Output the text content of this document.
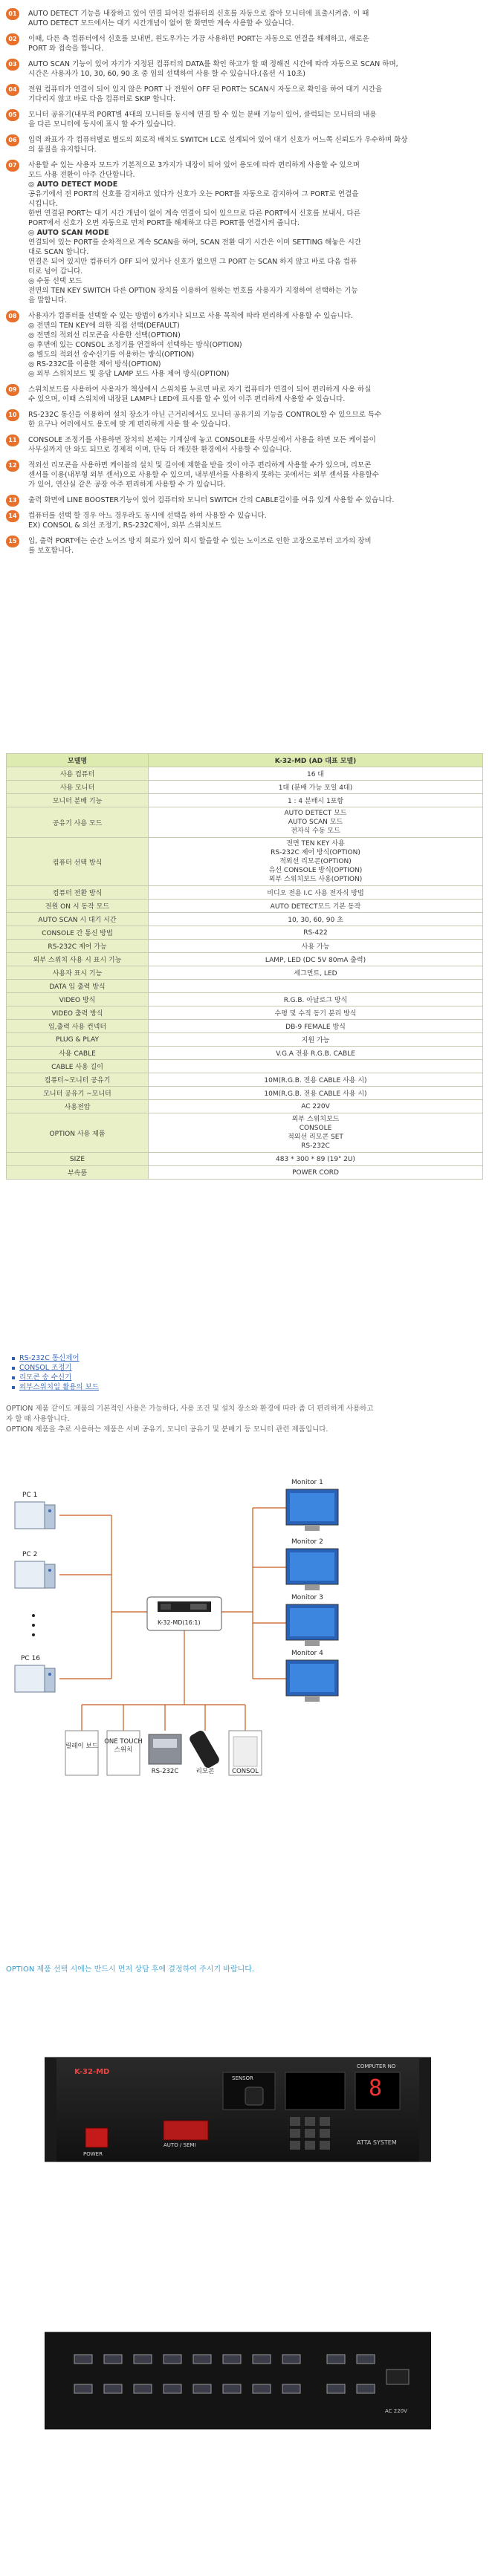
01	AUTO DETECT 기능을 내장하고 있어 연결 되어진 컴퓨터의 신호를 자동으로 잡아 모니터에 표출시켜줌. 이 때
AUTO DETECT 모드에서는 대기 시간개념이 없어 한 화면만 계속 사용할 수 있습니다.
02	이때, 다른 측 컴퓨터에서 신호를 보내면, 윈도우가는 가끔 사용하던 PORT는 자동으로 연결을 해제하고, 새로운
PORT 와 접속을 합니다.
03	AUTO SCAN 기능이 있어 자기가 지정된 컴퓨터의 DATA를 확인 하고가 할 때 정해진 시간에 따라 자동으로 SCAN 하며,
시간은 사용자가 10, 30, 60, 90 초 중 임의 선택하여 사용 할 수 있습니다.(옵션 시 10초)
04	전원 컴퓨터가 연결이 되어 있지 않은 PORT 나 전원이 OFF 된 PORT는 SCAN시 자동으로 확인을 하여 대기 시간을
기다리지 않고 바로 다음 컴퓨터로 SKIP 합니다.
05	모니터 공유기(내부적 PORT별 4대의 모니터를 동시에 연결 할 수 있는 분배 기능이 있어, 클럭되는 모니터의 내용
을 다른 모니터에 동시에 표시 할 수가 있습니다.
06	입력 좌표가 각 컴퓨터별로 별도의 회로적 배치도 SWITCH LC로 설계되어 있어 대기 신호가 어느쪽 신뢰도가 우수하며 화상
의 품질을 유지합니다.
07	사용할 수 있는 사용자 모드가 기본적으로 3가지가 내장이 되어 있어 용도에 따라 편리하게 사용할 수 있으며
모드 사용 전환이 아주 간단합니다.
◎ AUTO DETECT MODE
공유기에서 전 PORT의 신호를 감지하고 있다가 신호가 오는 PORT를 자동으로 감지하여 그 PORT로 연결을
시킵니다.
한번 연결된 PORT는 대기 시간 개념이 없이 계속 연결이 되어 있으므로 다른 PORT에서 신호를 보내서, 다른
PORT에서 신호가 오면 자동으로 먼저 PORT를 해제하고 다른 PORT를 연결시켜 줍니다.
◎ AUTO SCAN MODE
연결되어 있는 PORT를 순차적으로 계속 SCAN을 하며, SCAN 전환 대기 시간은 이미 SETTING 해놓은 시간
대로 SCAN 합니다.
연결은 되어 있지만 컴퓨터가 OFF 되어 있거나 신호가 없으면 그 PORT 는 SCAN 하지 않고 바로 다음 컴퓨
터로 넘어 갑니다.
◎ 수동 선택 모드
전면의 TEN KEY SWITCH 다른 OPTION 장치를 이용하여 원하는 번호를 사용자가 지정하여 선택하는 기능
을 말합니다.
08	사용자가 컴퓨터를 선택할 수 있는 방법이 6가지나 되므로 사용 목적에 따라 편리하게 사용할 수 있습니다.
◎ 전면의 TEN KEY에 의한 직접 선택(DEFAULT)
◎ 전면의 적외선 리모콘을 사용한 선택(OPTION)
◎ 후면에 있는 CONSOL 조정기를 연결하여 선택하는 방식(OPTION)
◎ 별도의 적외선 송수신기를 이용하는 방식(OPTION)
◎ RS-232C를 이용한 제어 방식(OPTION)
◎ 외부 스위치보드 및 응답 LAMP 보드 사용 제어 방식(OPTION)
09	스위치보드를 사용하여 사용자가 책상에서 스위치를 누르면 바로 자기 컴퓨터가 연결이 되어 편리하게 사용 하실
수 있으며, 이때 스위치에 내장된 LAMP나 LED에 표시를 할 수 있어 이주 편리하게 사용할 수 있습니다.
10	RS-232C 통신을 이용하여 설치 장소가 아닌 근거리에서도 모니터 공유기의 기능을 CONTROL할 수 있으므로 특수
한 요구나 여러에서도 용도에 맞 게 편리하게 사용 할 수 있습니다.
11	CONSOLE 조정기를 사용하면 장치의 본체는 기계실에 놓고 CONSOLE를 사무실에서 사용을 하면 모든 케이블이
사무실까지 안 와도 되므로 경제적 이며, 단독 더 깨끗한 환경에서 사용할 수 있습니다.
12	적외선 리모콘을 사용하면 케이블의 설치 및 길이에 제한을 받을 것이 아주 편리하게 사용할 수가 있으며, 리모콘
센서를 이용(내부형 외부 센서)으로 사용할 수 있으며, 내부센서를 사용하지 못하는 곳에서는 외부 센서를 사용할수
가 있어, 연산실 같은 공장 아주 편리하게 사용할 수 가 있습니다.
13	출력 화면에 LINE BOOSTER기능이 있어 컴퓨터와 모니터 SWITCH 간의 CABLE길이를 여유 있게 사용할 수 있습니다.
14	컴퓨터를 선택 할 경우 아느 경우라도 동시에 선택을 하여 사용할 수 있습니다.
EX) CONSOL & 외선 조정기, RS-232C제어, 외부 스위치보드
15	입, 출력 PORT에는 순간 노이즈 방지 회로가 있어 회시 할을할 수 있는 노이즈로 인한 고장으로부터 고가의 장비
를 보호합니다.
모델명	K-32-MD (AD 대표 모델)
사용 컴퓨터	16 대

사용 모니터	1대 (분배 가능 포일 4대)

모니터 분배 기능	1 : 4 분배시 1포함

공유기 사용 모드	AUTO DETECT 모드
AUTO SCAN 모드
전자식 수동 모드

컴퓨터 선택 방식	전면 TEN KEY 사용
RS-232C 제어 방식(OPTION)
적외선 리모콘(OPTION)
유선 CONSOLE 방식(OPTION)
외부 스위치보드 사용(OPTION)

컴퓨터 전환 방식	비디오 전용 I.C 사용 전자식 방법

전원 ON 시 동작 모드	AUTO DETECT모드 기본 동작

AUTO SCAN 시 대기 시간	10, 30, 60, 90 초

CONSOLE 간 통신 방법	RS-422

RS-232C 제어 가능	사용 가능

외부 스위치 사용 시 표시 기능	LAMP, LED (DC 5V 80mA 출력)

사용자 표시 기능	세그먼트, LED

DATA 입 출력 방식	

VIDEO 방식	R.G.B. 아날로그 방식

VIDEO 출력 방식	수평 및 수직 동기 분리 방식

입,출력 사용 컨넥터	DB-9 FEMALE 방식

PLUG & PLAY	지원 가능

사용 CABLE	V.G.A 전용 R.G.B. CABLE

CABLE 사용 길이	

컴퓨터~모니터 공유기	10M(R.G.B. 전용 CABLE 사용 시)

모니터 공유기 ~모니터	10M(R.G.B. 전용 CABLE 사용 시)

사용전압	AC 220V

OPTION 사용 제품	외부 스위치보드
CONSOLE
적외선 리모콘 SET
RS-232C

SIZE	483 * 300 * 89 (19" 2U)

부속품	POWER CORD
RS-232C 통신제어
CONSOL 조정기
리모콘 송 수신기
외부스위치일 활용의 보드
OPTION 제품 같이도 제품의 기본적인 사용은 가능하다, 사용 조건 및 설치 장소와 환경에 따라 좀 더 편리하게 사용하고
자 할 때 사용합니다.
OPTION 제품을 추로 사용하는 제품은 서버 공유기, 모니터 공유기 및 분배기 등 모니터 관련 제품입니다.
PC 1
PC 2
PC 16
K-32-MD(16:1)
Monitor 1
Monitor 2
Monitor 3
Monitor 4
릴레이 보드
ONE TOUCH 스위치
RS-232C	리모콘	CONSOL
OPTION 제품 선택 시에는 반드시 먼저 상담 후에 결정하여 주시기 바랍니다.
K-32-MD
POWER
AUTO / SEMI
SENSOR
COMPUTER NO
8
ATTA SYSTEM
AC 220V
